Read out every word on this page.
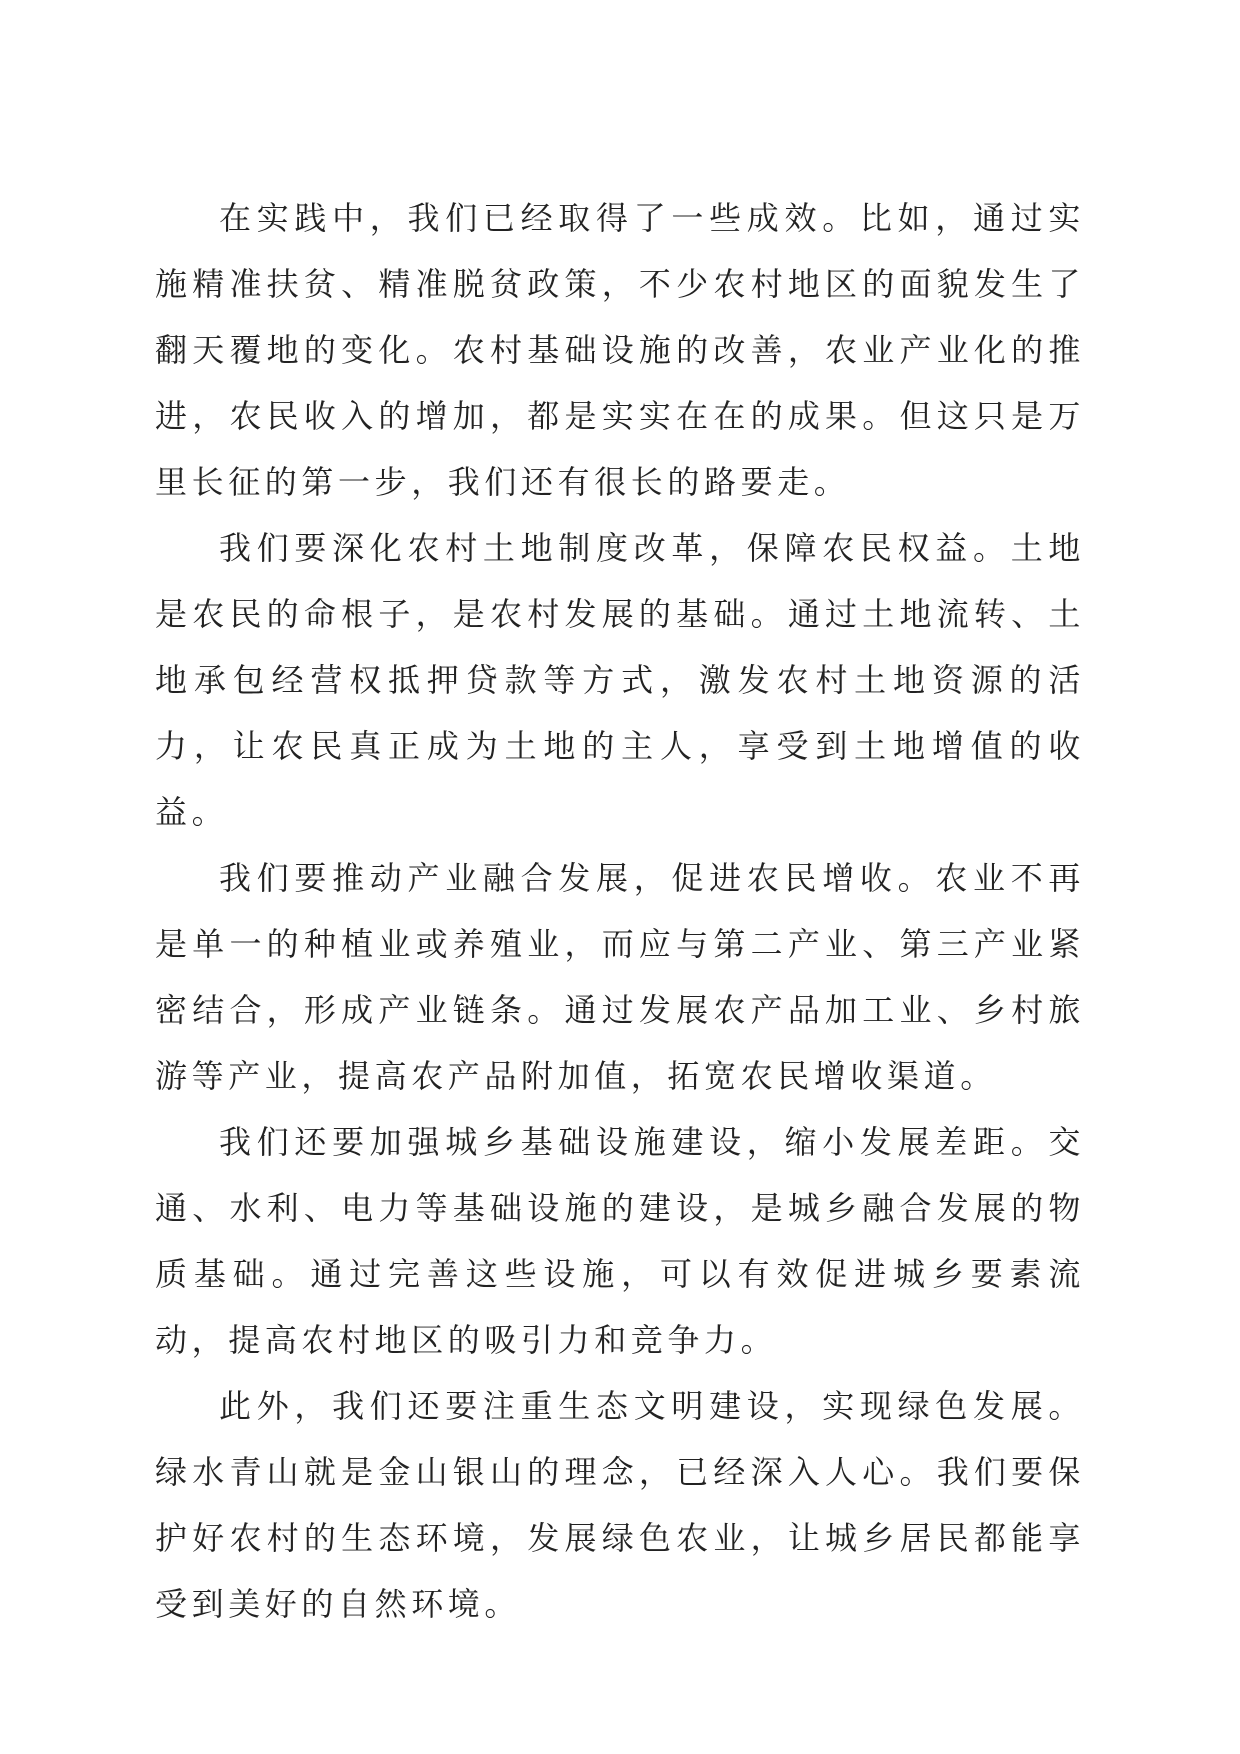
在实践中，我们已经取得了一些成效。比如，通过实施精准扶贫、精准脱贫政策，不少农村地区的面貌发生了翻天覆地的变化。农村基础设施的改善，农业产业化的推进，农民收入的增加，都是实实在在的成果。但这只是万里长征的第一步，我们还有很长的路要走。

我们要深化农村土地制度改革，保障农民权益。土地是农民的命根子，是农村发展的基础。通过土地流转、土地承包经营权抵押贷款等方式，激发农村土地资源的活力，让农民真正成为土地的主人，享受到土地增值的收益。

我们要推动产业融合发展，促进农民增收。农业不再是单一的种植业或养殖业，而应与第二产业、第三产业紧密结合，形成产业链条。通过发展农产品加工业、乡村旅游等产业，提高农产品附加值，拓宽农民增收渠道。

我们还要加强城乡基础设施建设，缩小发展差距。交通、水利、电力等基础设施的建设，是城乡融合发展的物质基础。通过完善这些设施，可以有效促进城乡要素流动，提高农村地区的吸引力和竞争力。

此外，我们还要注重生态文明建设，实现绿色发展。绿水青山就是金山银山的理念，已经深入人心。我们要保护好农村的生态环境，发展绿色农业，让城乡居民都能享受到美好的自然环境。
